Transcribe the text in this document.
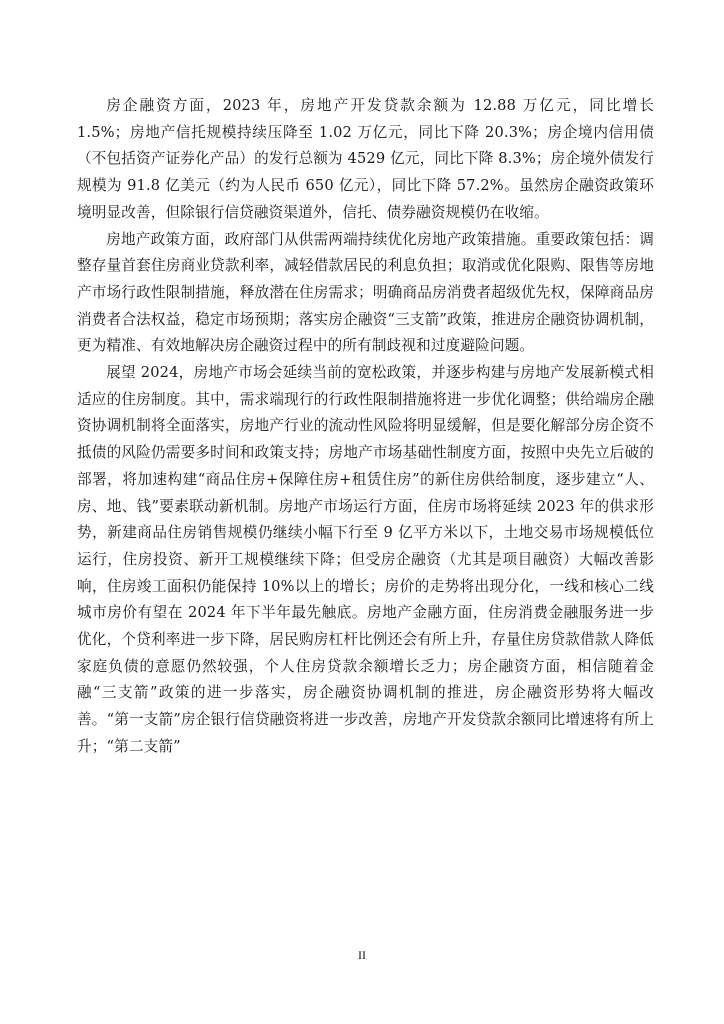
房企融资方面，2023 年，房地产开发贷款余额为 12.88 万亿元，同比增长 1.5%；房地产信托规模持续压降至 1.02 万亿元，同比下降 20.3%；房企境内信用债（不包括资产证券化产品）的发行总额为 4529 亿元，同比下降 8.3%；房企境外债发行规模为 91.8 亿美元（约为人民币 650 亿元），同比下降 57.2%。虽然房企融资政策环境明显改善，但除银行信贷融资渠道外，信托、债券融资规模仍在收缩。

房地产政策方面，政府部门从供需两端持续优化房地产政策措施。重要政策包括：调整存量首套住房商业贷款利率，减轻借款居民的利息负担；取消或优化限购、限售等房地产市场行政性限制措施，释放潜在住房需求；明确商品房消费者超级优先权，保障商品房消费者合法权益，稳定市场预期；落实房企融资“三支箭”政策，推进房企融资协调机制，更为精准、有效地解决房企融资过程中的所有制歧视和过度避险问题。

展望 2024，房地产市场会延续当前的宽松政策，并逐步构建与房地产发展新模式相适应的住房制度。其中，需求端现行的行政性限制措施将进一步优化调整；供给端房企融资协调机制将全面落实，房地产行业的流动性风险将明显缓解，但是要化解部分房企资不抵债的风险仍需要多时间和政策支持；房地产市场基础性制度方面，按照中央先立后破的部署，将加速构建“商品住房+保障住房+租赁住房”的新住房供给制度，逐步建立“人、房、地、钱”要素联动新机制。房地产市场运行方面，住房市场将延续 2023 年的供求形势，新建商品住房销售规模仍继续小幅下行至 9 亿平方米以下，土地交易市场规模低位运行，住房投资、新开工规模继续下降；但受房企融资（尤其是项目融资）大幅改善影响，住房竣工面积仍能保持 10%以上的增长；房价的走势将出现分化，一线和核心二线城市房价有望在 2024 年下半年最先触底。房地产金融方面，住房消费金融服务进一步优化，个贷利率进一步下降，居民购房杠杆比例还会有所上升，存量住房贷款借款人降低家庭负债的意愿仍然较强，个人住房贷款余额增长乏力；房企融资方面，相信随着金融“三支箭”政策的进一步落实，房企融资协调机制的推进，房企融资形势将大幅改善。“第一支箭”房企银行信贷融资将进一步改善，房地产开发贷款余额同比增速将有所上升；“第二支箭”

II
